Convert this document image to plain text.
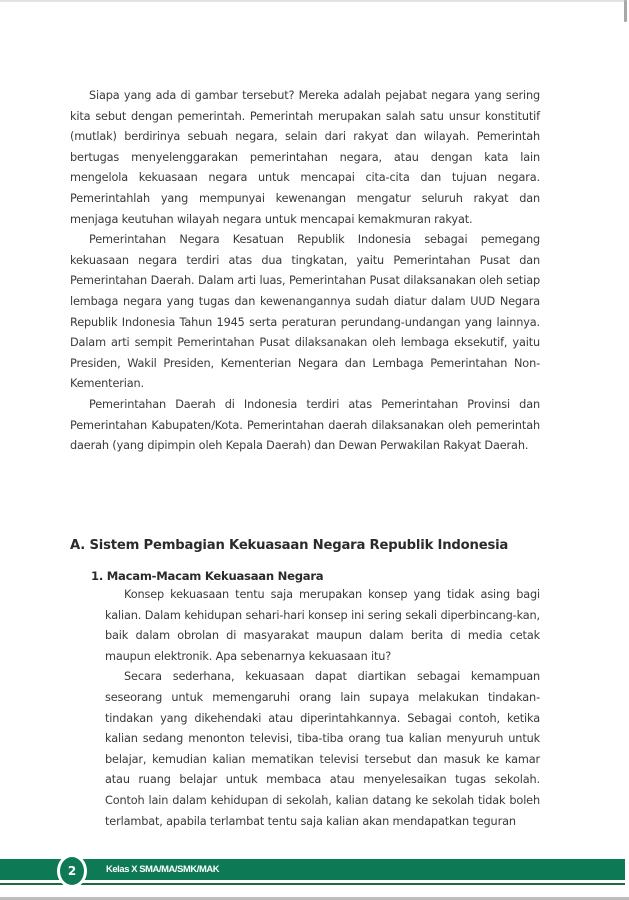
Siapa yang ada di gambar tersebut? Mereka adalah pejabat negara yang sering kita sebut dengan pemerintah. Pemerintah merupakan salah satu unsur konstitutif (mutlak) berdirinya sebuah negara, selain dari rakyat dan wilayah. Pemerintah bertugas menyelenggarakan pemerintahan negara, atau dengan kata lain mengelola kekuasaan negara untuk mencapai cita-cita dan tujuan negara. Pemerintahlah yang mempunyai kewenangan mengatur seluruh rakyat dan menjaga keutuhan wilayah negara untuk mencapai kemakmuran rakyat.

Pemerintahan Negara Kesatuan Republik Indonesia sebagai pemegang kekuasaan negara terdiri atas dua tingkatan, yaitu Pemerintahan Pusat dan Pemerintahan Daerah. Dalam arti luas, Pemerintahan Pusat dilaksanakan oleh setiap lembaga negara yang tugas dan kewenangannya sudah diatur dalam UUD Negara Republik Indonesia Tahun 1945 serta peraturan perundang-undangan yang lainnya. Dalam arti sempit Pemerintahan Pusat dilaksanakan oleh lembaga eksekutif, yaitu Presiden, Wakil Presiden, Kementerian Negara dan Lembaga Pemerintahan Non-Kementerian.

Pemerintahan Daerah di Indonesia terdiri atas Pemerintahan Provinsi dan Pemerintahan Kabupaten/Kota. Pemerintahan daerah dilaksanakan oleh pemerintah daerah (yang dipimpin oleh Kepala Daerah) dan Dewan Perwakilan Rakyat Daerah.

A. Sistem Pembagian Kekuasaan Negara Republik Indonesia
1. Macam-Macam Kekuasaan Negara

Konsep kekuasaan tentu saja merupakan konsep yang tidak asing bagi kalian. Dalam kehidupan sehari-hari konsep ini sering sekali diperbincang-kan, baik dalam obrolan di masyarakat maupun dalam berita di media cetak maupun elektronik. Apa sebenarnya kekuasaan itu?

Secara sederhana, kekuasaan dapat diartikan sebagai kemampuan seseorang untuk memengaruhi orang lain supaya melakukan tindakan-tindakan yang dikehendaki atau diperintahkannya. Sebagai contoh, ketika kalian sedang menonton televisi, tiba-tiba orang tua kalian menyuruh untuk belajar, kemudian kalian mematikan televisi tersebut dan masuk ke kamar atau ruang belajar untuk membaca atau menyelesaikan tugas sekolah. Contoh lain dalam kehidupan di sekolah, kalian datang ke sekolah tidak boleh terlambat, apabila terlambat tentu saja kalian akan mendapatkan teguran

2	Kelas X SMA/MA/SMK/MAK
